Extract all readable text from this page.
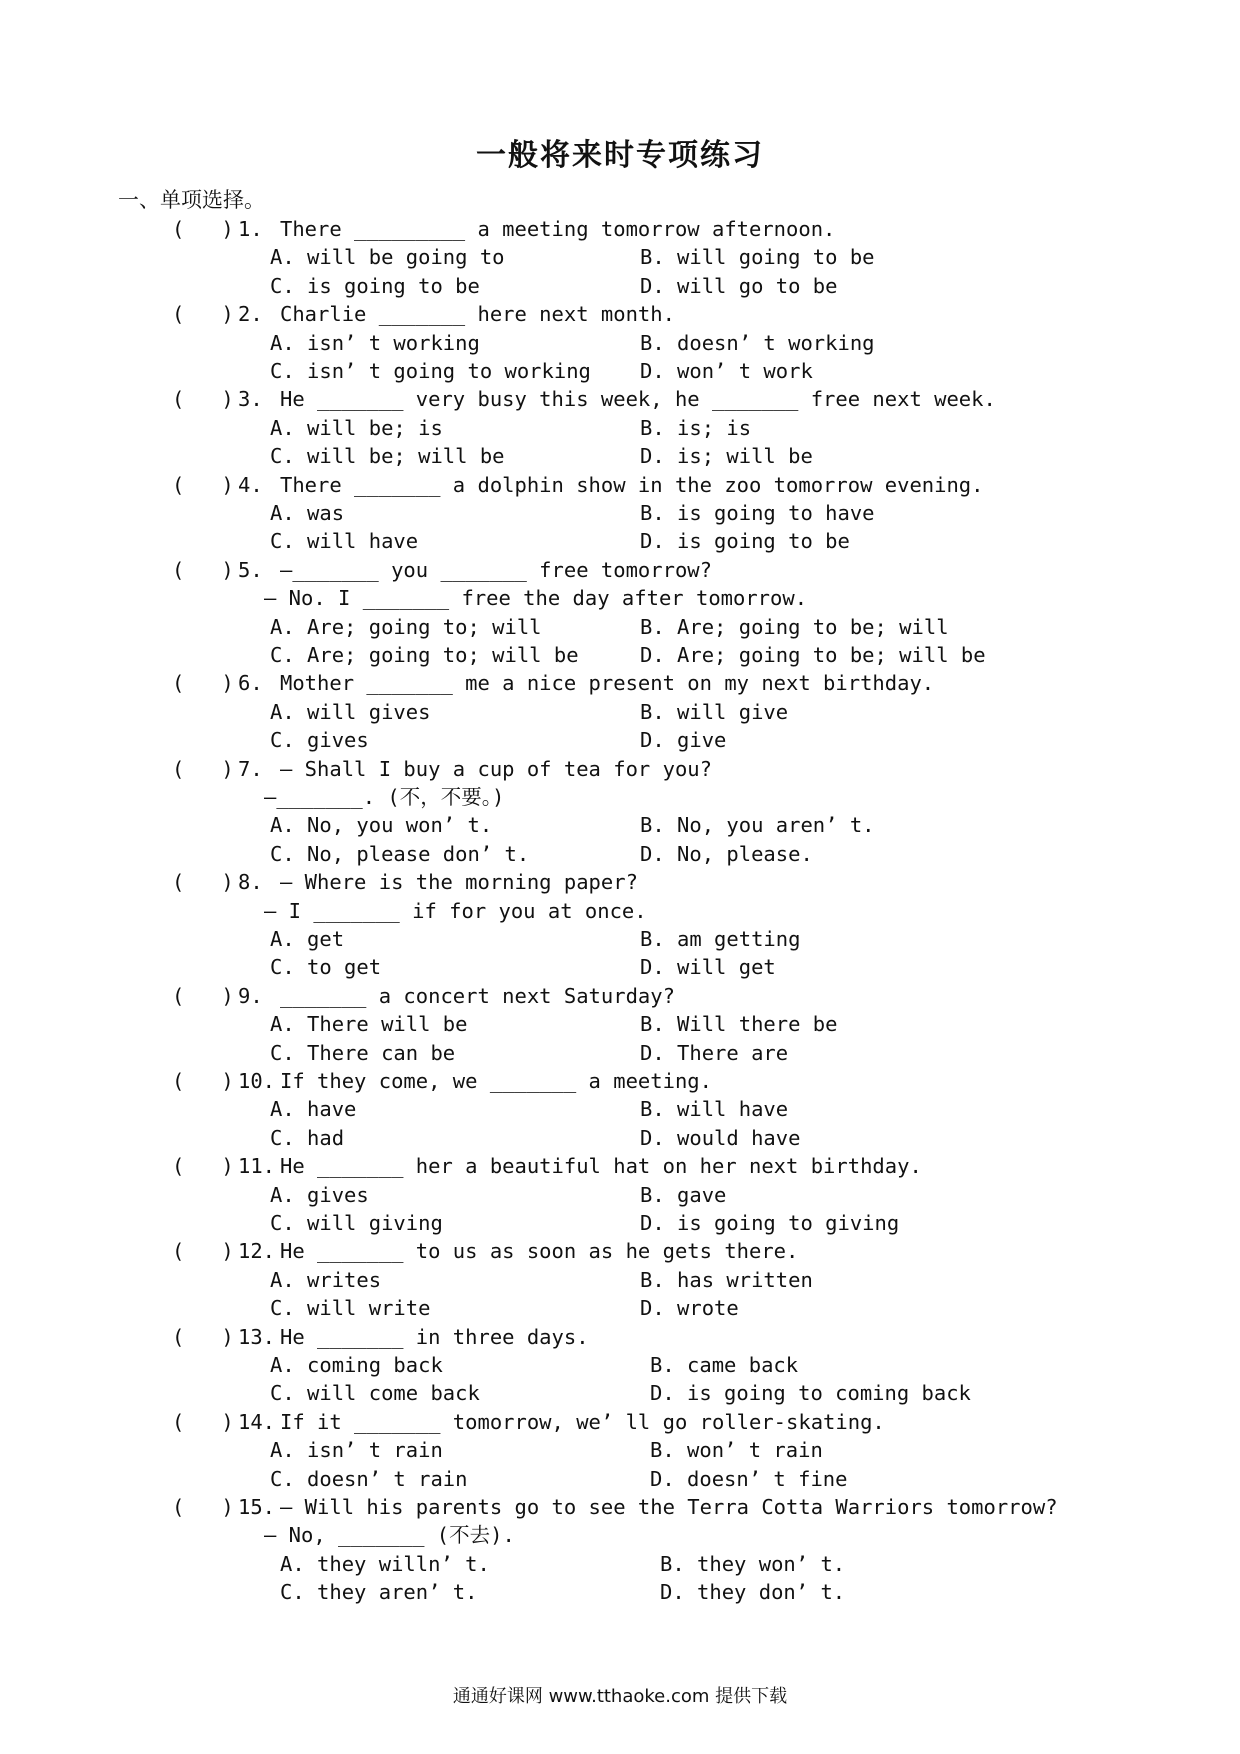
一般将来时专项练习
一、单项选择。
(   ) 1. There _________ a meeting tomorrow afternoon.
A. will be going to	B. will going to be
C. is going to be	D. will go to be
(   ) 2. Charlie _______ here next month.
A. isn’ t working	B. doesn’ t working
C. isn’ t going to working D. won’ t work
(   ) 3. He _______ very busy this week, he _______ free next week.
A. will be; is	B. is; is
C. will be; will be	D. is; will be
(   ) 4. There _______ a dolphin show in the zoo tomorrow evening.
A. was	B. is going to have
C. will have	D. is going to be
(   ) 5. –_______ you _______ free tomorrow?
– No. I _______ free the day after tomorrow.
A. Are; going to; will	B. Are; going to be; will
C. Are; going to; will be	D. Are; going to be; will be
(   ) 6. Mother _______ me a nice present on my next birthday.
A. will gives	B. will give
C. gives	D. give
(   ) 7. – Shall I buy a cup of tea for you?
–_______. (不，不要。)
A. No, you won’ t.	B. No, you aren’ t.
C. No, please don’ t.	D. No, please.
(   ) 8. – Where is the morning paper?
– I _______ if for you at once.
A. get	B. am getting
C. to get	D. will get
(   ) 9. _______ a concert next Saturday?
A. There will be	B. Will there be
C. There can be	D. There are
(   ) 10. If they come, we _______ a meeting.
A. have	B. will have
C. had	D. would have
(   ) 11. He _______ her a beautiful hat on her next birthday.
A. gives	B. gave
C. will giving	D. is going to giving
(   ) 12. He _______ to us as soon as he gets there.
A. writes	B. has written
C. will write	D. wrote
(   ) 13. He _______ in three days.
A. coming back	B. came back
C. will come back	D. is going to coming back
(   ) 14. If it _______ tomorrow, we’ ll go roller-skating.
A. isn’ t rain	B. won’ t rain
C. doesn’ t rain	D. doesn’ t fine
(   ) 15. – Will his parents go to see the Terra Cotta Warriors tomorrow?
– No, _______ (不去).
A. they willn’ t.	B. they won’ t.
C. they aren’ t.	D. they don’ t.
通通好课网 www.tthaoke.com 提供下载
